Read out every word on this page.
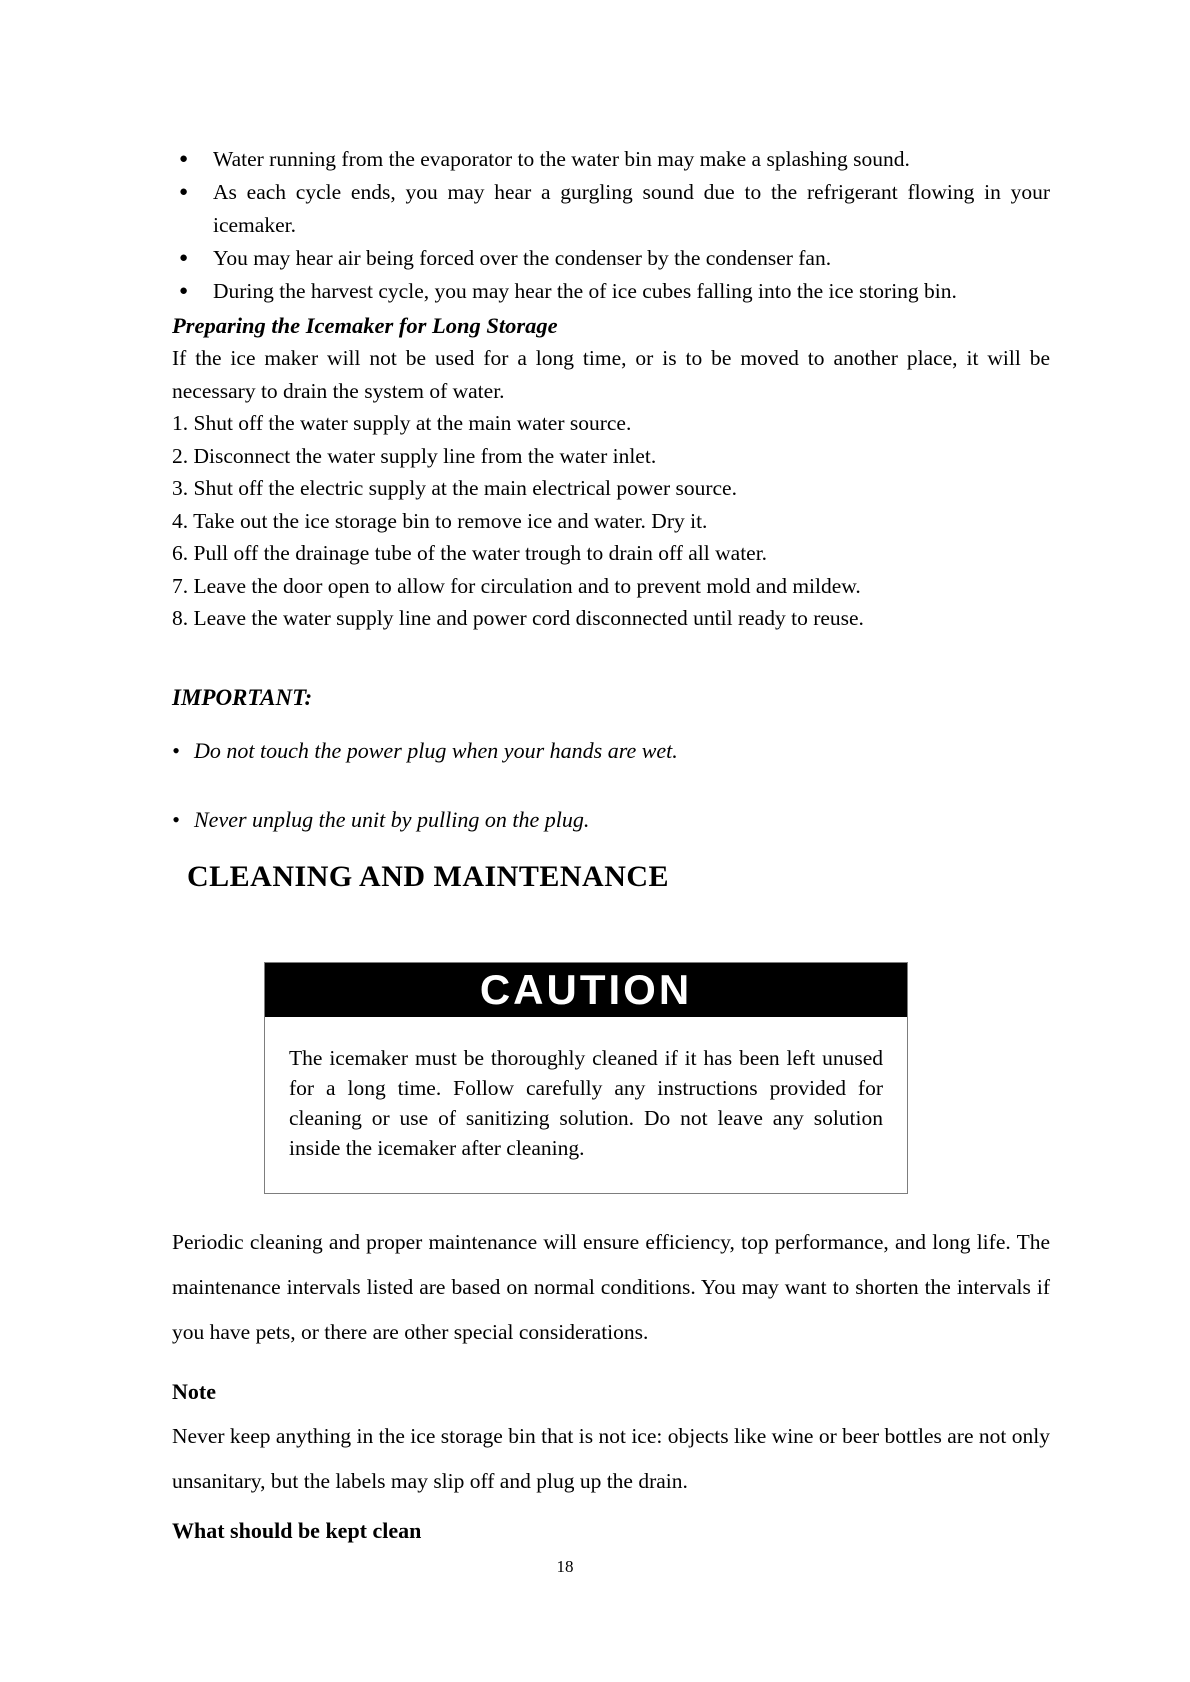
●	Water running from the evaporator to the water bin may make a splashing sound.
●	As each cycle ends, you may hear a gurgling sound due to the refrigerant flowing in your icemaker.
●	You may hear air being forced over the condenser by the condenser fan.
●	During the harvest cycle, you may hear the of ice cubes falling into the ice storing bin.
Preparing the Icemaker for Long Storage
If the ice maker will not be used for a long time, or is to be moved to another place, it will be necessary to drain the system of water.
1. Shut off the water supply at the main water source.
2. Disconnect the water supply line from the water inlet.
3. Shut off the electric supply at the main electrical power source.
4. Take out the ice storage bin to remove ice and water. Dry it.
6. Pull off the drainage tube of the water trough to drain off all water.
7. Leave the door open to allow for circulation and to prevent mold and mildew.
8. Leave the water supply line and power cord disconnected until ready to reuse.
IMPORTANT:
• Do not touch the power plug when your hands are wet.
• Never unplug the unit by pulling on the plug.
CLEANING AND MAINTENANCE
CAUTION
The icemaker must be thoroughly cleaned if it has been left unused for a long time. Follow carefully any instructions provided for cleaning or use of sanitizing solution. Do not leave any solution inside the icemaker after cleaning.
Periodic cleaning and proper maintenance will ensure efficiency, top performance, and long life. The maintenance intervals listed are based on normal conditions. You may want to shorten the intervals if you have pets, or there are other special considerations.
Note
Never keep anything in the ice storage bin that is not ice: objects like wine or beer bottles are not only unsanitary, but the labels may slip off and plug up the drain.
What should be kept clean
18
